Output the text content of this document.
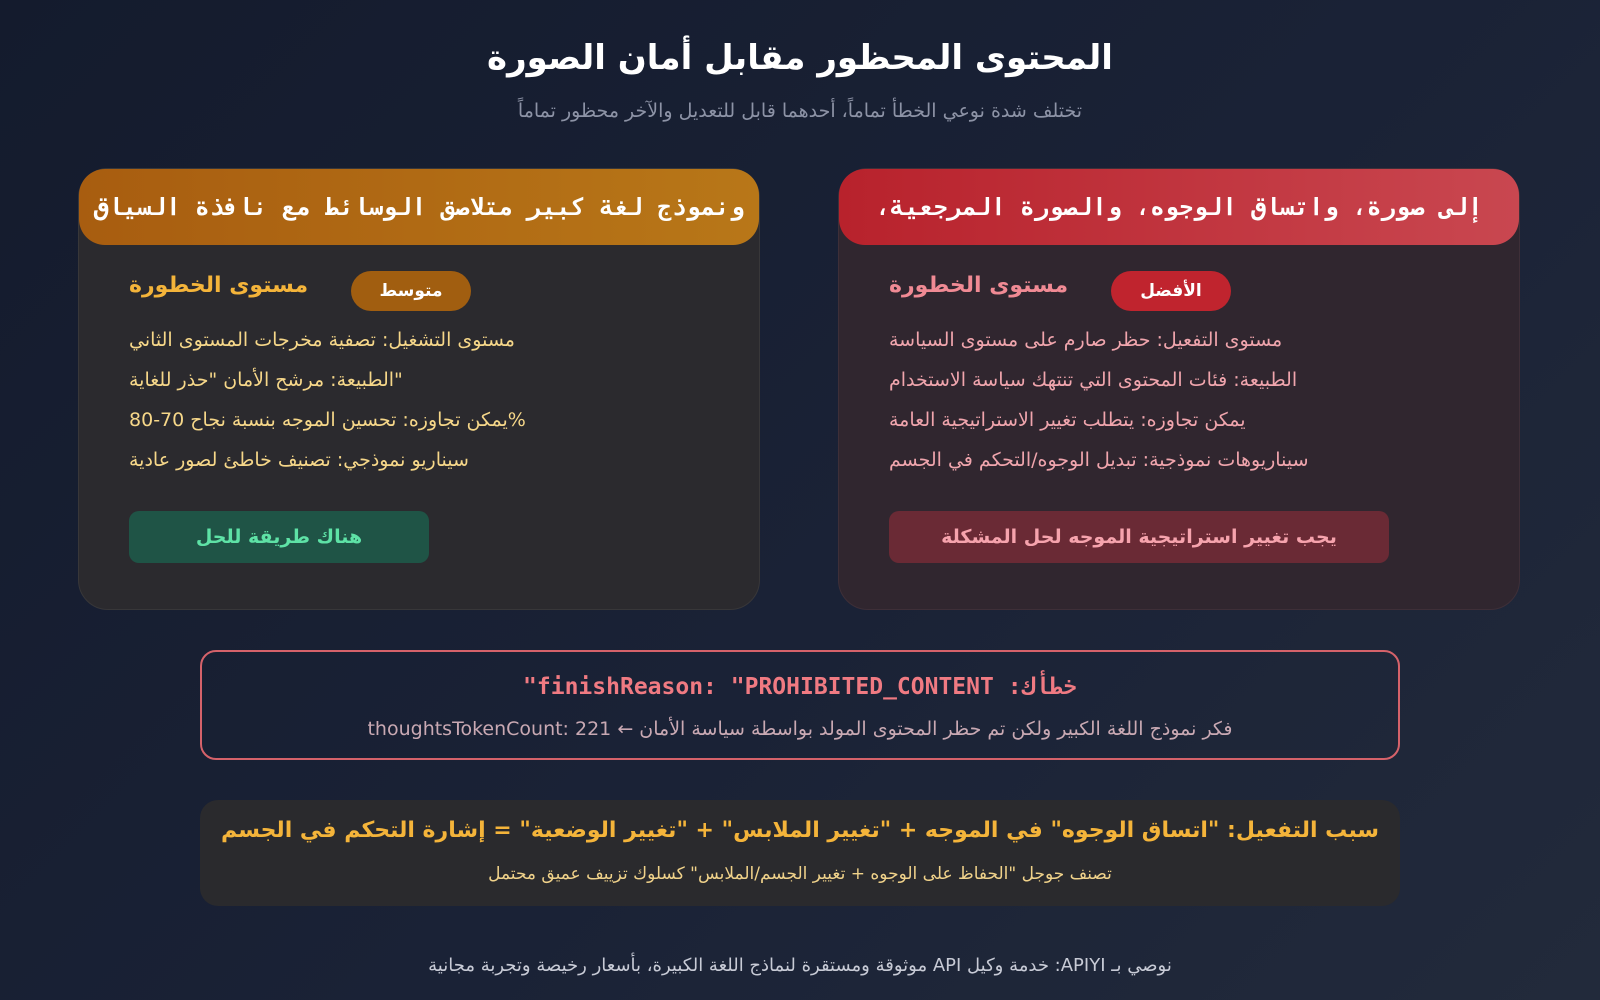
المحتوى المحظور مقابل أمان الصورة
تختلف شدة نوعي الخطأ تماماً، أحدهما قابل للتعديل والآخر محظور تماماً
ونموذج لغة كبير متلاصق الوسائط مع نافذة السياق
مستوى الخطورة	متوسط
مستوى التشغيل: تصفية مخرجات المستوى الثاني
"الطبيعة: مرشح الأمان "حذر للغاية
%يمكن تجاوزه: تحسين الموجه بنسبة نجاح 70-80
سيناريو نموذجي: تصنيف خاطئ لصور عادية
هناك طريقة للحل
إلى صورة، واتساق الوجوه، والصورة المرجعية،
مستوى الخطورة	الأفضل
مستوى التفعيل: حظر صارم على مستوى السياسة
الطبيعة: فئات المحتوى التي تنتهك سياسة الاستخدام
يمكن تجاوزه: يتطلب تغيير الاستراتيجية العامة
سيناريوهات نموذجية: تبديل الوجوه/التحكم في الجسم
يجب تغيير استراتيجية الموجه لحل المشكلة
خطأك: finishReason: "PROHIBITED_CONTENT"
فكر نموذج اللغة الكبير ولكن تم حظر المحتوى المولد بواسطة سياسة الأمان ← thoughtsTokenCount: 221
سبب التفعيل: "اتساق الوجوه" في الموجه + "تغيير الملابس" + "تغيير الوضعية" = إشارة التحكم في الجسم
تصنف جوجل "الحفاظ على الوجوه + تغيير الجسم/الملابس" كسلوك تزييف عميق محتمل
نوصي بـ APIYI: خدمة وكيل API موثوقة ومستقرة لنماذج اللغة الكبيرة، بأسعار رخيصة وتجربة مجانية
